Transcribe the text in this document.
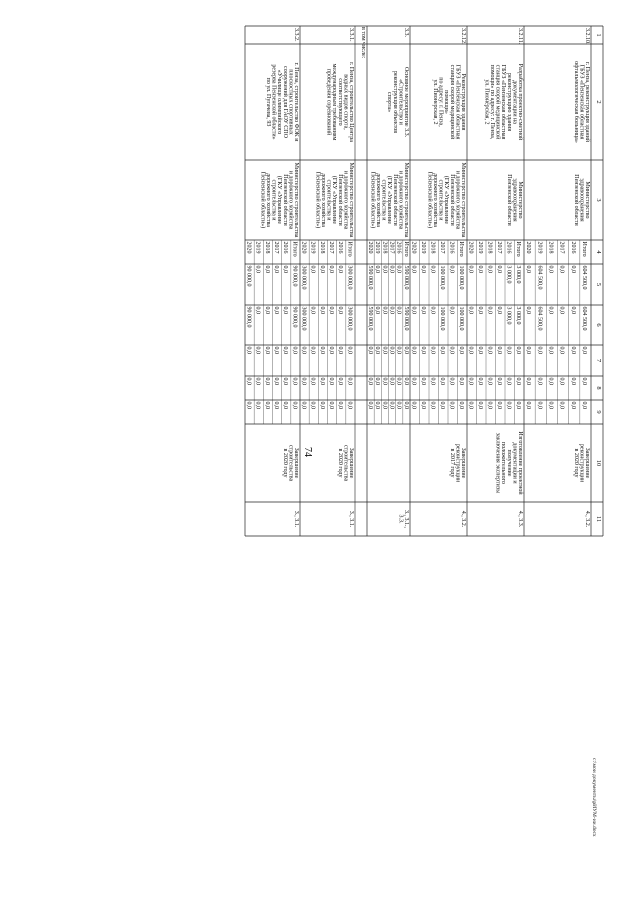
74
1
2
3
4
5
6
7
8
9
10
11
в том числе:	3.2.10.
г. Пенза, реконструкция зданий
ГБУЗ «Пензенская областная
офтальмологическая больница»
Министерство
здравоохранения
Пензенской области
Итого
604 500,0
604 500,0
0,0
0,0
0,0
2016
0,0
0,0
0,0
0,0
0,0
2017
0,0
0,0
0,0
0,0
0,0
2018
0,0
0,0
0,0
0,0
0,0
2019
604 500,0
604 500,0
0,0
0,0
0,0
2020
0,0
0,0
0,0
0,0
0,0
Завершение
реконструкции
в 2020 году
4., 3.2.
3.2.11.
Разработка проектно-сметной
документации на
реконструкцию здания
ГБУЗ «Пензенская областная
станция скорой медицинской
помощи» по адресу: г. Пенза,
ул. Пионерская, 2
Министерство
здравоохранения
Пензенской области
Итого
3 000,0
3 000,0
0,0
0,0
0,0
2016
3 000,0
3 000,0
0,0
0,0
0,0
2017
0,0
0,0
0,0
0,0
0,0
2018
0,0
0,0
0,0
0,0
0,0
2019
0,0
0,0
0,0
0,0
0,0
2020
0,0
0,0
0,0
0,0
0,0
Изготовление проектной
документации и
получение
положительного
заключения экспертизы
4., 3.3.
3.2.12.
Реконструкция здания
ГБУЗ «Пензенская областная
станция скорой медицинской
помощи»
по адресу: г. Пенза,
ул. Пионерская, 2
Министерство строительства
и дорожного хозяйства
Пензенской области
(ГКУ «Управление
строительства и
дорожного хозяйства
Пензенской области»)
Итого
100 000,0
100 000,0
0,0
0,0
0,0
2016
0,0
0,0
0,0
0,0
0,0
2017
100 000,0
100 000,0
0,0
0,0
0,0
2018
0,0
0,0
0,0
0,0
0,0
2019
0,0
0,0
0,0
0,0
0,0
2020
0,0
0,0
0,0
0,0
0,0
Завершение
реконструкции
в 2017 году
4., 3.2.
3.3.
Основное мероприятие 3.3.
«Строительство и
реконструкция объектов
спорта»
Министерство строительства
и дорожного хозяйства
Пензенской области
(ГКУ «Управление
строительства и
дорожного хозяйства
Пензенской области»)
Итого
590 000,0
590 000,0
0,0
0,0
0,0
2016
0,0
0,0
0,0
0,0
0,0
2017
0,0
0,0
0,0
0,0
0,0
2018
0,0
0,0
0,0
0,0
0,0
2019
0,0
0,0
0,0
0,0
0,0
2020
590 000,0
590 000,0
0,0
0,0
0,0
3., 3.1.,
3.3.
3.3.1.
г. Пенза, строительство Центра
водных видов спорта,
соответствующего
международным требованиям
проведения соревнований
Министерство строительства
и дорожного хозяйства
Пензенской области
(ГКУ «Управление
строительства и
дорожного хозяйства
Пензенской области»)
Итого
300 000,0
300 000,0
0,0
0,0
0,0
2016
0,0
0,0
0,0
0,0
0,0
2017
0,0
0,0
0,0
0,0
0,0
2018
0,0
0,0
0,0
0,0
0,0
2019
0,0
0,0
0,0
0,0
0,0
2020
300 000,0
300 000,0
0,0
0,0
0,0
Завершение
строительства
в 2020 году
3., 3.1.
3.3.2.
г. Пенза, строительство ФОК и
плоскостных спортивных
сооружений для ГАОУ СПО
«Училище олимпийского
резерва Пензенской области»
по ул. Пугачева, 93
Министерство строительства
и дорожного хозяйства
Пензенской области
(ГКУ «Управление
строительства и
дорожного хозяйства
Пензенской области»)
Итого
90 000,0
90 000,0
0,0
0,0
0,0
2016
0,0
0,0
0,0
0,0
0,0
2017
0,0
0,0
0,0
0,0
0,0
2018
0,0
0,0
0,0
0,0
0,0
2019
0,0
0,0
0,0
0,0
0,0
2020
90 000,0
90 000,0
0,0
0,0
0,0
Завершение
строительства
в 2020 году
3., 3.1.
c:\мои документы\рИУМ-ии.docx
